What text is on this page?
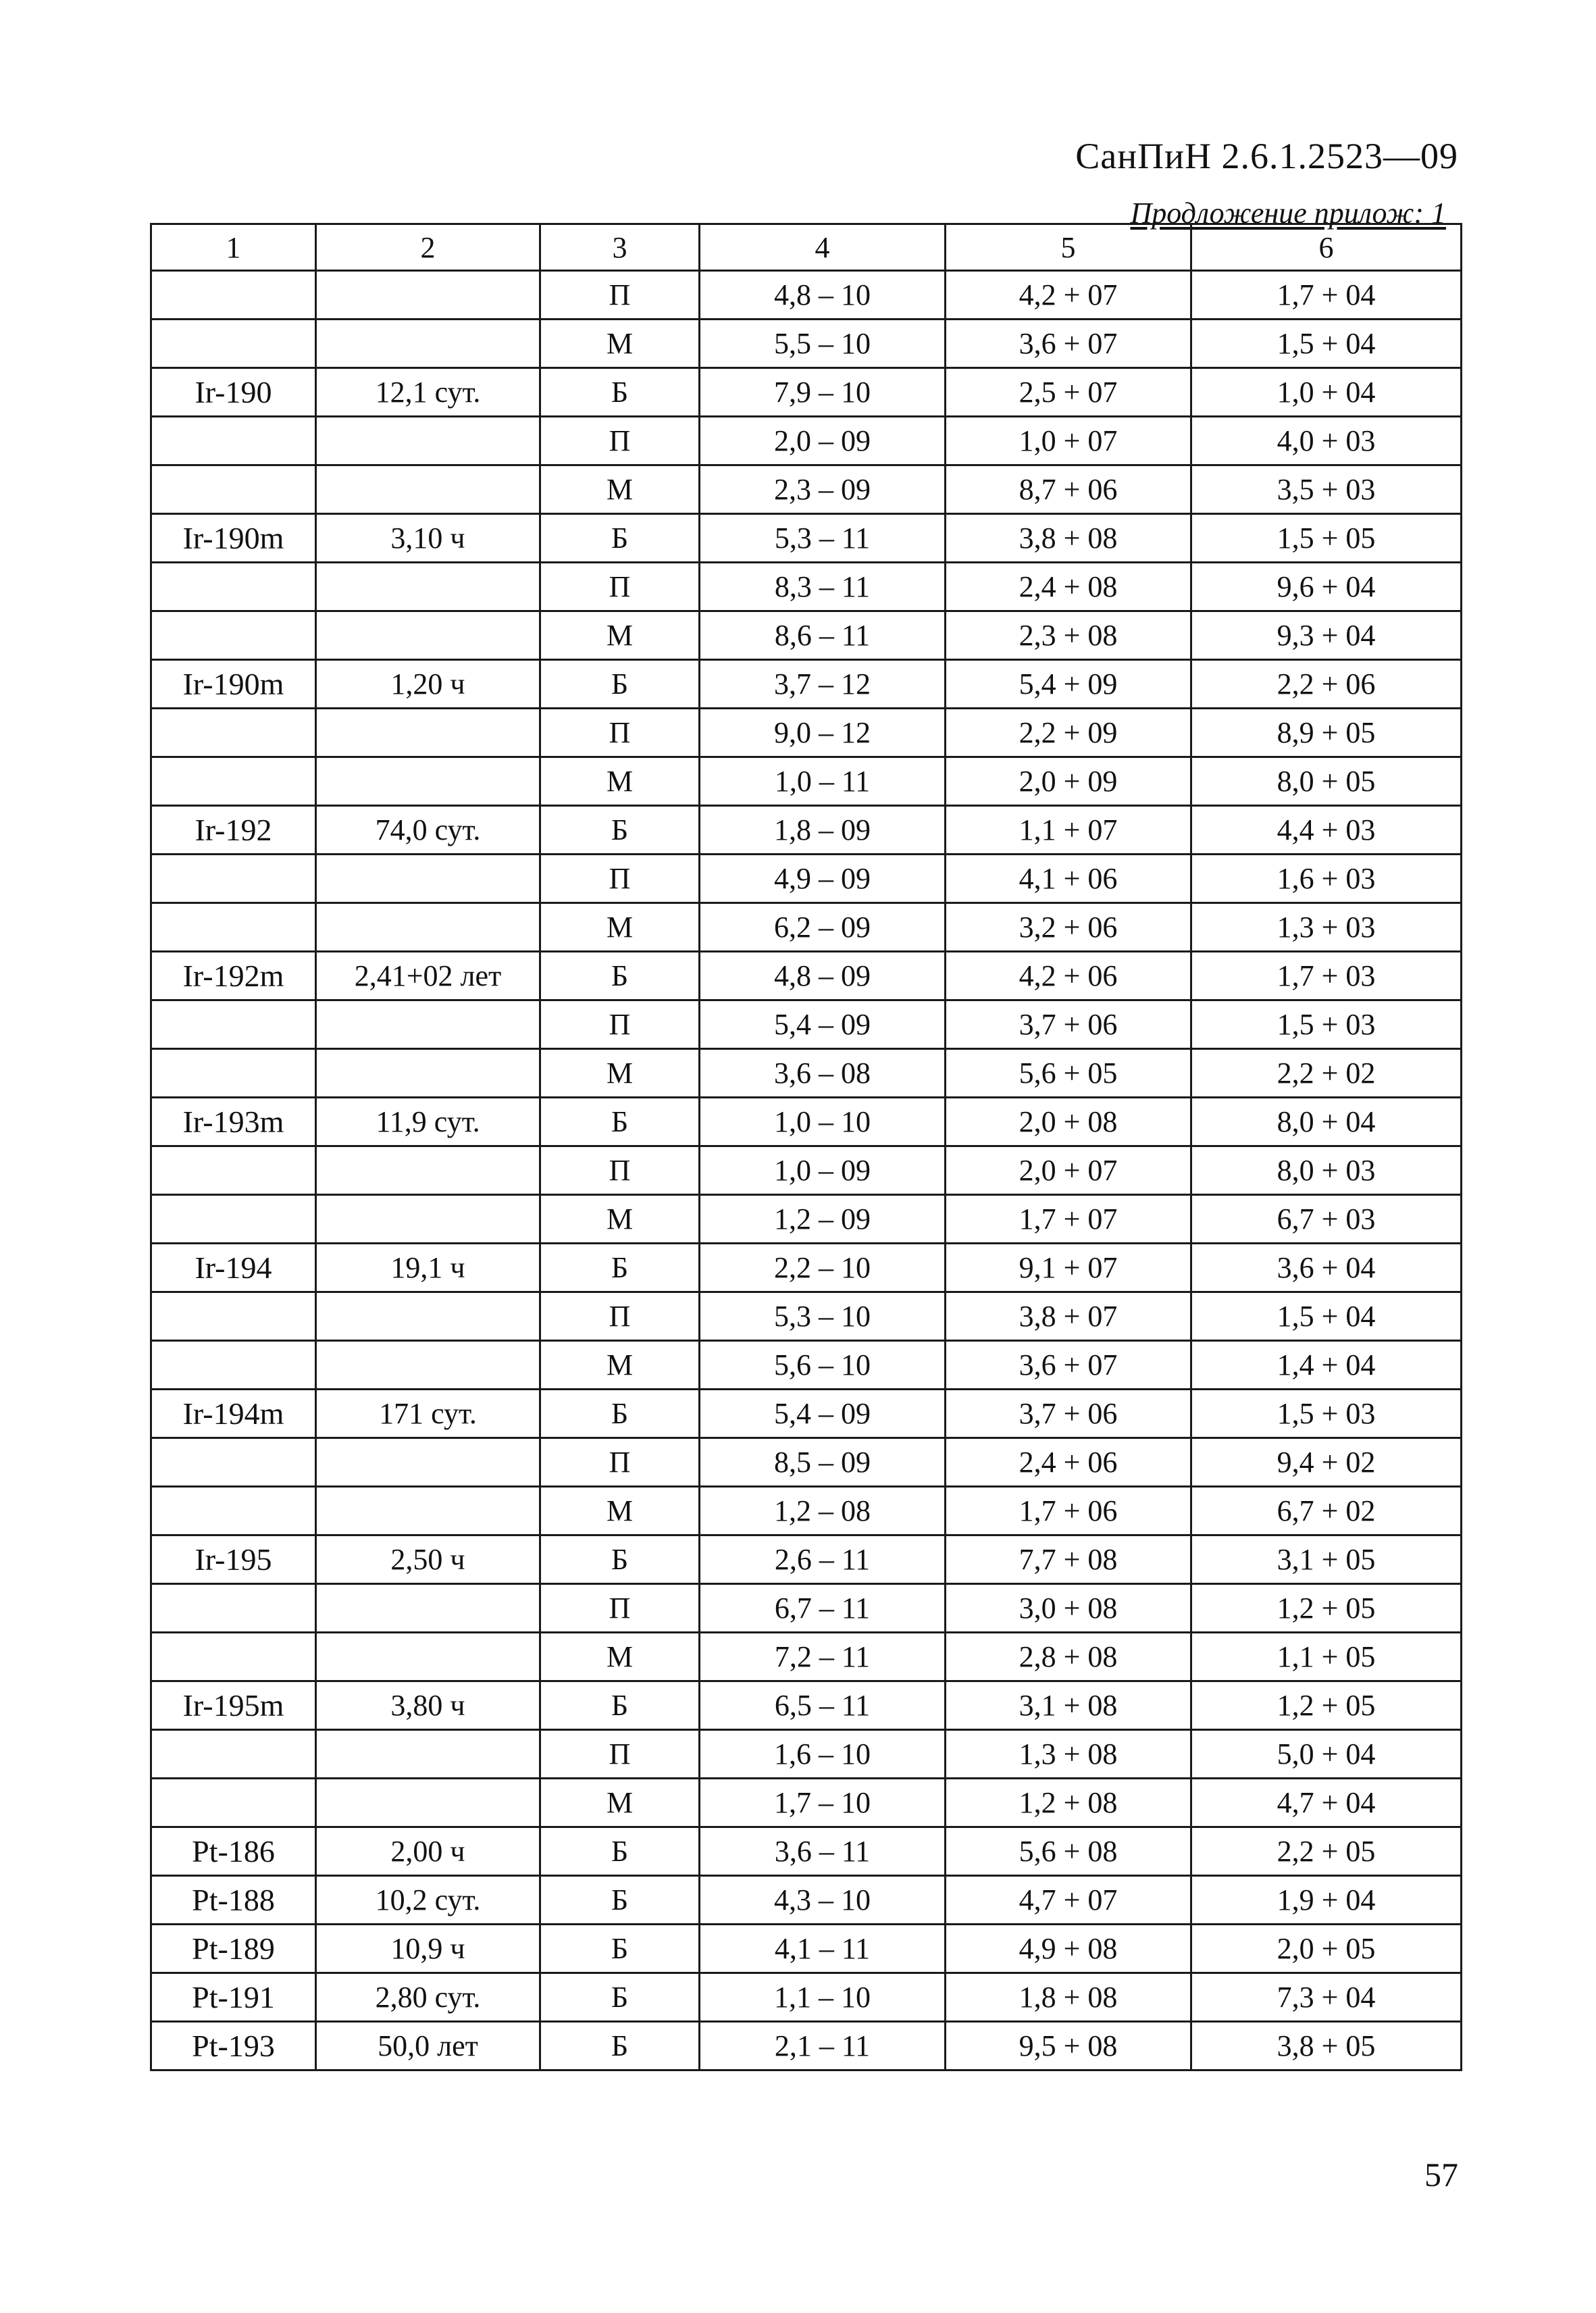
СанПиН 2.6.1.2523—09
Продложение прилож: 1
1	2	3	4	5	6
		П	4,8 – 10	4,2 + 07	1,7 + 04
		М	5,5 – 10	3,6 + 07	1,5 + 04
Ir-190	12,1 сут.	Б	7,9 – 10	2,5 + 07	1,0 + 04
		П	2,0 – 09	1,0 + 07	4,0 + 03
		М	2,3 – 09	8,7 + 06	3,5 + 03
Ir-190m	3,10 ч	Б	5,3 – 11	3,8 + 08	1,5 + 05
		П	8,3 – 11	2,4 + 08	9,6 + 04
		М	8,6 – 11	2,3 + 08	9,3 + 04
Ir-190m	1,20 ч	Б	3,7 – 12	5,4 + 09	2,2 + 06
		П	9,0 – 12	2,2 + 09	8,9 + 05
		М	1,0 – 11	2,0 + 09	8,0 + 05
Ir-192	74,0 сут.	Б	1,8 – 09	1,1 + 07	4,4 + 03
		П	4,9 – 09	4,1 + 06	1,6 + 03
		М	6,2 – 09	3,2 + 06	1,3 + 03
Ir-192m	2,41+02 лет	Б	4,8 – 09	4,2 + 06	1,7 + 03
		П	5,4 – 09	3,7 + 06	1,5 + 03
		М	3,6 – 08	5,6 + 05	2,2 + 02
Ir-193m	11,9 сут.	Б	1,0 – 10	2,0 + 08	8,0 + 04
		П	1,0 – 09	2,0 + 07	8,0 + 03
		М	1,2 – 09	1,7 + 07	6,7 + 03
Ir-194	19,1 ч	Б	2,2 – 10	9,1 + 07	3,6 + 04
		П	5,3 – 10	3,8 + 07	1,5 + 04
		М	5,6 – 10	3,6 + 07	1,4 + 04
Ir-194m	171 сут.	Б	5,4 – 09	3,7 + 06	1,5 + 03
		П	8,5 – 09	2,4 + 06	9,4 + 02
		М	1,2 – 08	1,7 + 06	6,7 + 02
Ir-195	2,50 ч	Б	2,6 – 11	7,7 + 08	3,1 + 05
		П	6,7 – 11	3,0 + 08	1,2 + 05
		М	7,2 – 11	2,8 + 08	1,1 + 05
Ir-195m	3,80 ч	Б	6,5 – 11	3,1 + 08	1,2 + 05
		П	1,6 – 10	1,3 + 08	5,0 + 04
		М	1,7 – 10	1,2 + 08	4,7 + 04
Pt-186	2,00 ч	Б	3,6 – 11	5,6 + 08	2,2 + 05
Pt-188	10,2 сут.	Б	4,3 – 10	4,7 + 07	1,9 + 04
Pt-189	10,9 ч	Б	4,1 – 11	4,9 + 08	2,0 + 05
Pt-191	2,80 сут.	Б	1,1 – 10	1,8 + 08	7,3 + 04
Pt-193	50,0 лет	Б	2,1 – 11	9,5 + 08	3,8 + 05
57
